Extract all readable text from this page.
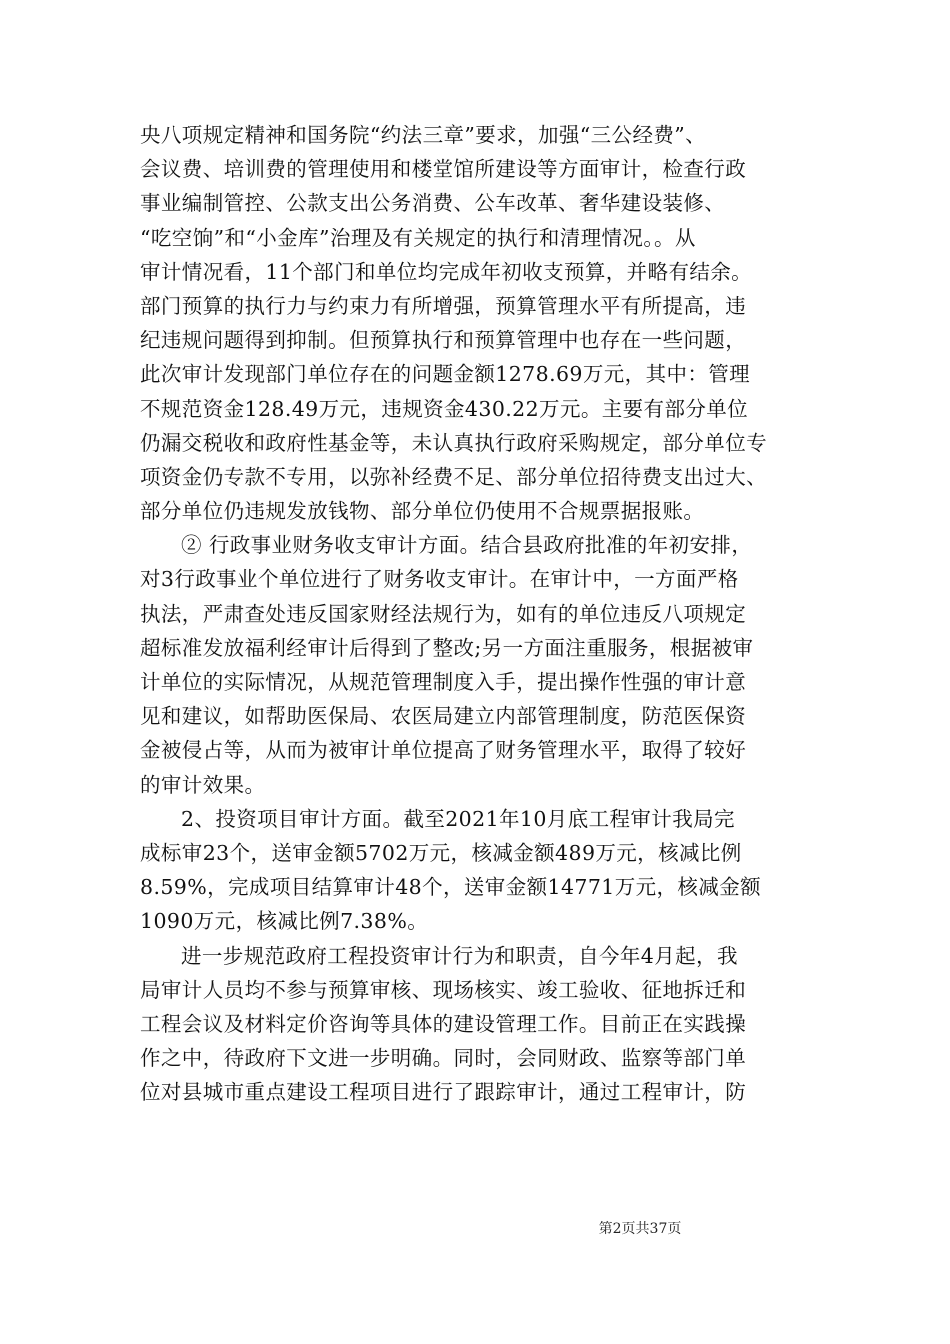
央八项规定精神和国务院“约法三章”要求，加强“三公经费”、
会议费、培训费的管理使用和楼堂馆所建设等方面审计，检查行政
事业编制管控、公款支出公务消费、公车改革、奢华建设装修、
“吃空饷”和“小金库”治理及有关规定的执行和清理情况。。从
审计情况看，11个部门和单位均完成年初收支预算，并略有结余。
部门预算的执行力与约束力有所增强，预算管理水平有所提高，违
纪违规问题得到抑制。但预算执行和预算管理中也存在一些问题，
此次审计发现部门单位存在的问题金额1278.69万元，其中：管理
不规范资金128.49万元，违规资金430.22万元。主要有部分单位
仍漏交税收和政府性基金等，未认真执行政府采购规定，部分单位专
项资金仍专款不专用，以弥补经费不足、部分单位招待费支出过大、
部分单位仍违规发放钱物、部分单位仍使用不合规票据报账。
② 行政事业财务收支审计方面。结合县政府批准的年初安排，
对3行政事业个单位进行了财务收支审计。在审计中，一方面严格
执法，严肃查处违反国家财经法规行为，如有的单位违反八项规定
超标准发放福利经审计后得到了整改;另一方面注重服务，根据被审
计单位的实际情况，从规范管理制度入手，提出操作性强的审计意
见和建议，如帮助医保局、农医局建立内部管理制度，防范医保资
金被侵占等，从而为被审计单位提高了财务管理水平，取得了较好
的审计效果。
2、投资项目审计方面。截至2021年10月底工程审计我局完
成标审23个，送审金额5702万元，核减金额489万元，核减比例
8.59%，完成项目结算审计48个，送审金额14771万元，核减金额
1090万元，核减比例7.38%。
进一步规范政府工程投资审计行为和职责，自今年4月起，我
局审计人员均不参与预算审核、现场核实、竣工验收、征地拆迁和
工程会议及材料定价咨询等具体的建设管理工作。目前正在实践操
作之中，待政府下文进一步明确。同时，会同财政、监察等部门单
位对县城市重点建设工程项目进行了跟踪审计，通过工程审计，防
第2页共37页
